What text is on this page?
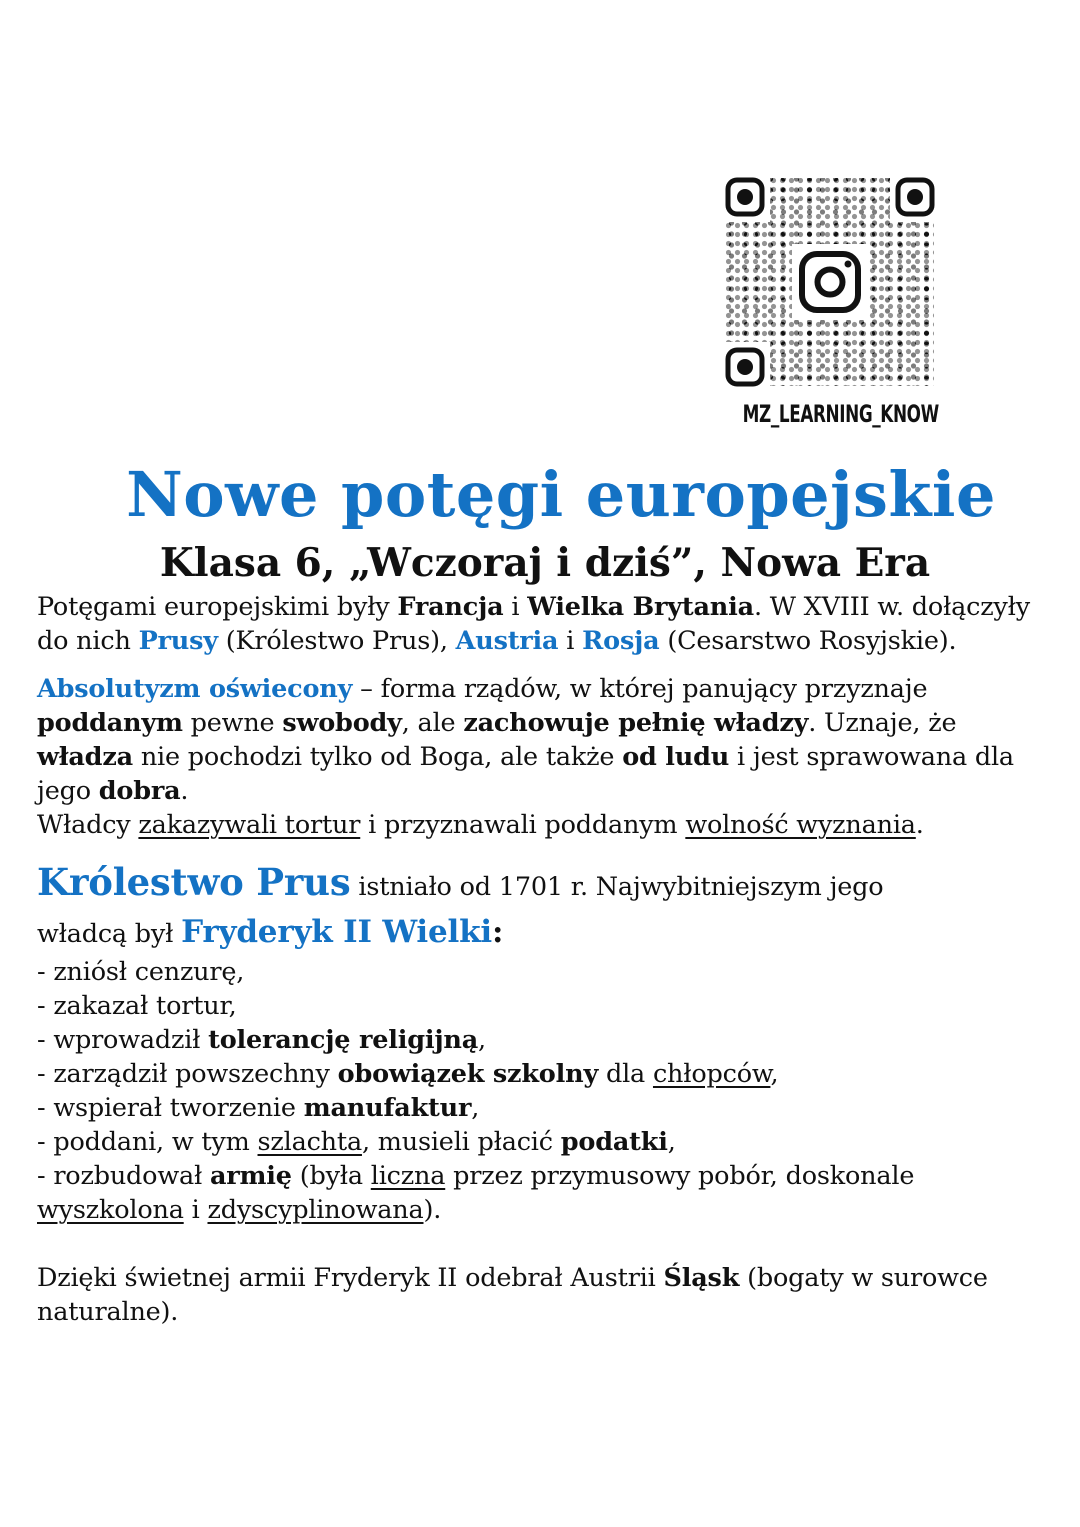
MZ_LEARNING_KNOW
Nowe potęgi europejskie
Klasa 6, „Wczoraj i dziś”, Nowa Era

Potęgami europejskimi były Francja i Wielka Brytania. W XVIII w. dołączyły do nich Prusy (Królestwo Prus), Austria i Rosja (Cesarstwo Rosyjskie).

Absolutyzm oświecony – forma rządów, w której panujący przyznaje poddanym pewne swobody, ale zachowuje pełnię władzy. Uznaje, że władza nie pochodzi tylko od Boga, ale także od ludu i jest sprawowana dla jego dobra.

Władcy zakazywali tortur i przyznawali poddanym wolność wyznania.

Królestwo Prus istniało od 1701 r. Najwybitniejszym jego

władcą był Fryderyk II Wielki:

- zniósł cenzurę,

- zakazał tortur,

- wprowadził tolerancję religijną,

- zarządził powszechny obowiązek szkolny dla chłopców,

- wspierał tworzenie manufaktur,

- poddani, w tym szlachta, musieli płacić podatki,

- rozbudował armię (była liczna przez przymusowy pobór, doskonale wyszkolona i zdyscyplinowana).

Dzięki świetnej armii Fryderyk II odebrał Austrii Śląsk (bogaty w surowce naturalne).
